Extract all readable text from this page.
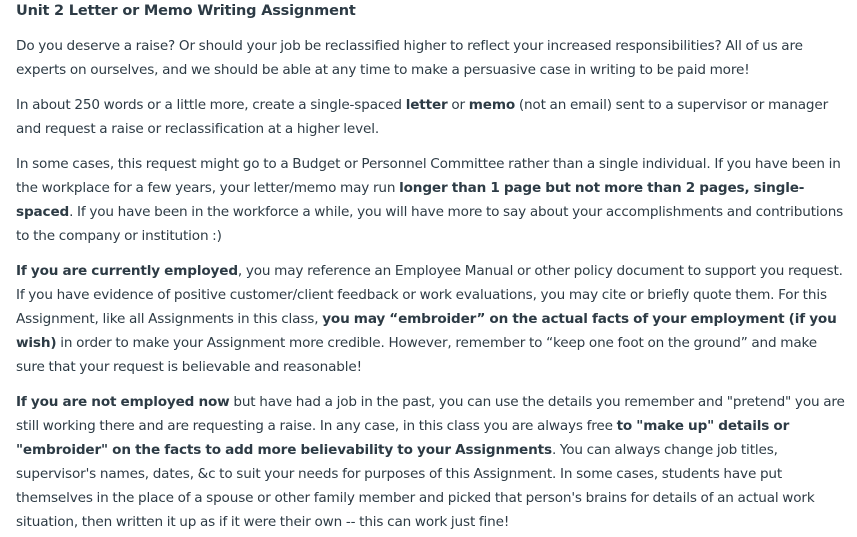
Unit 2 Letter or Memo Writing Assignment

Do you deserve a raise? Or should your job be reclassified higher to reflect your increased responsibilities? All of us are experts on ourselves, and we should be able at any time to make a persuasive case in writing to be paid more!

In about 250 words or a little more, create a single-spaced letter or memo (not an email) sent to a supervisor or manager and request a raise or reclassification at a higher level.

In some cases, this request might go to a Budget or Personnel Committee rather than a single individual. If you have been in the workplace for a few years, your letter/memo may run longer than 1 page but not more than 2 pages, single-spaced. If you have been in the workforce a while, you will have more to say about your accomplishments and contributions to the company or institution :)

If you are currently employed, you may reference an Employee Manual or other policy document to support you request. If you have evidence of positive customer/client feedback or work evaluations, you may cite or briefly quote them. For this Assignment, like all Assignments in this class, you may “embroider” on the actual facts of your employment (if you wish) in order to make your Assignment more credible. However, remember to “keep one foot on the ground” and make sure that your request is believable and reasonable!

If you are not employed now but have had a job in the past, you can use the details you remember and "pretend" you are still working there and are requesting a raise. In any case, in this class you are always free to "make up" details or "embroider" on the facts to add more believability to your Assignments. You can always change job titles, supervisor's names, dates, &c to suit your needs for purposes of this Assignment. In some cases, students have put themselves in the place of a spouse or other family member and picked that person's brains for details of an actual work situation, then written it up as if it were their own -- this can work just fine!
